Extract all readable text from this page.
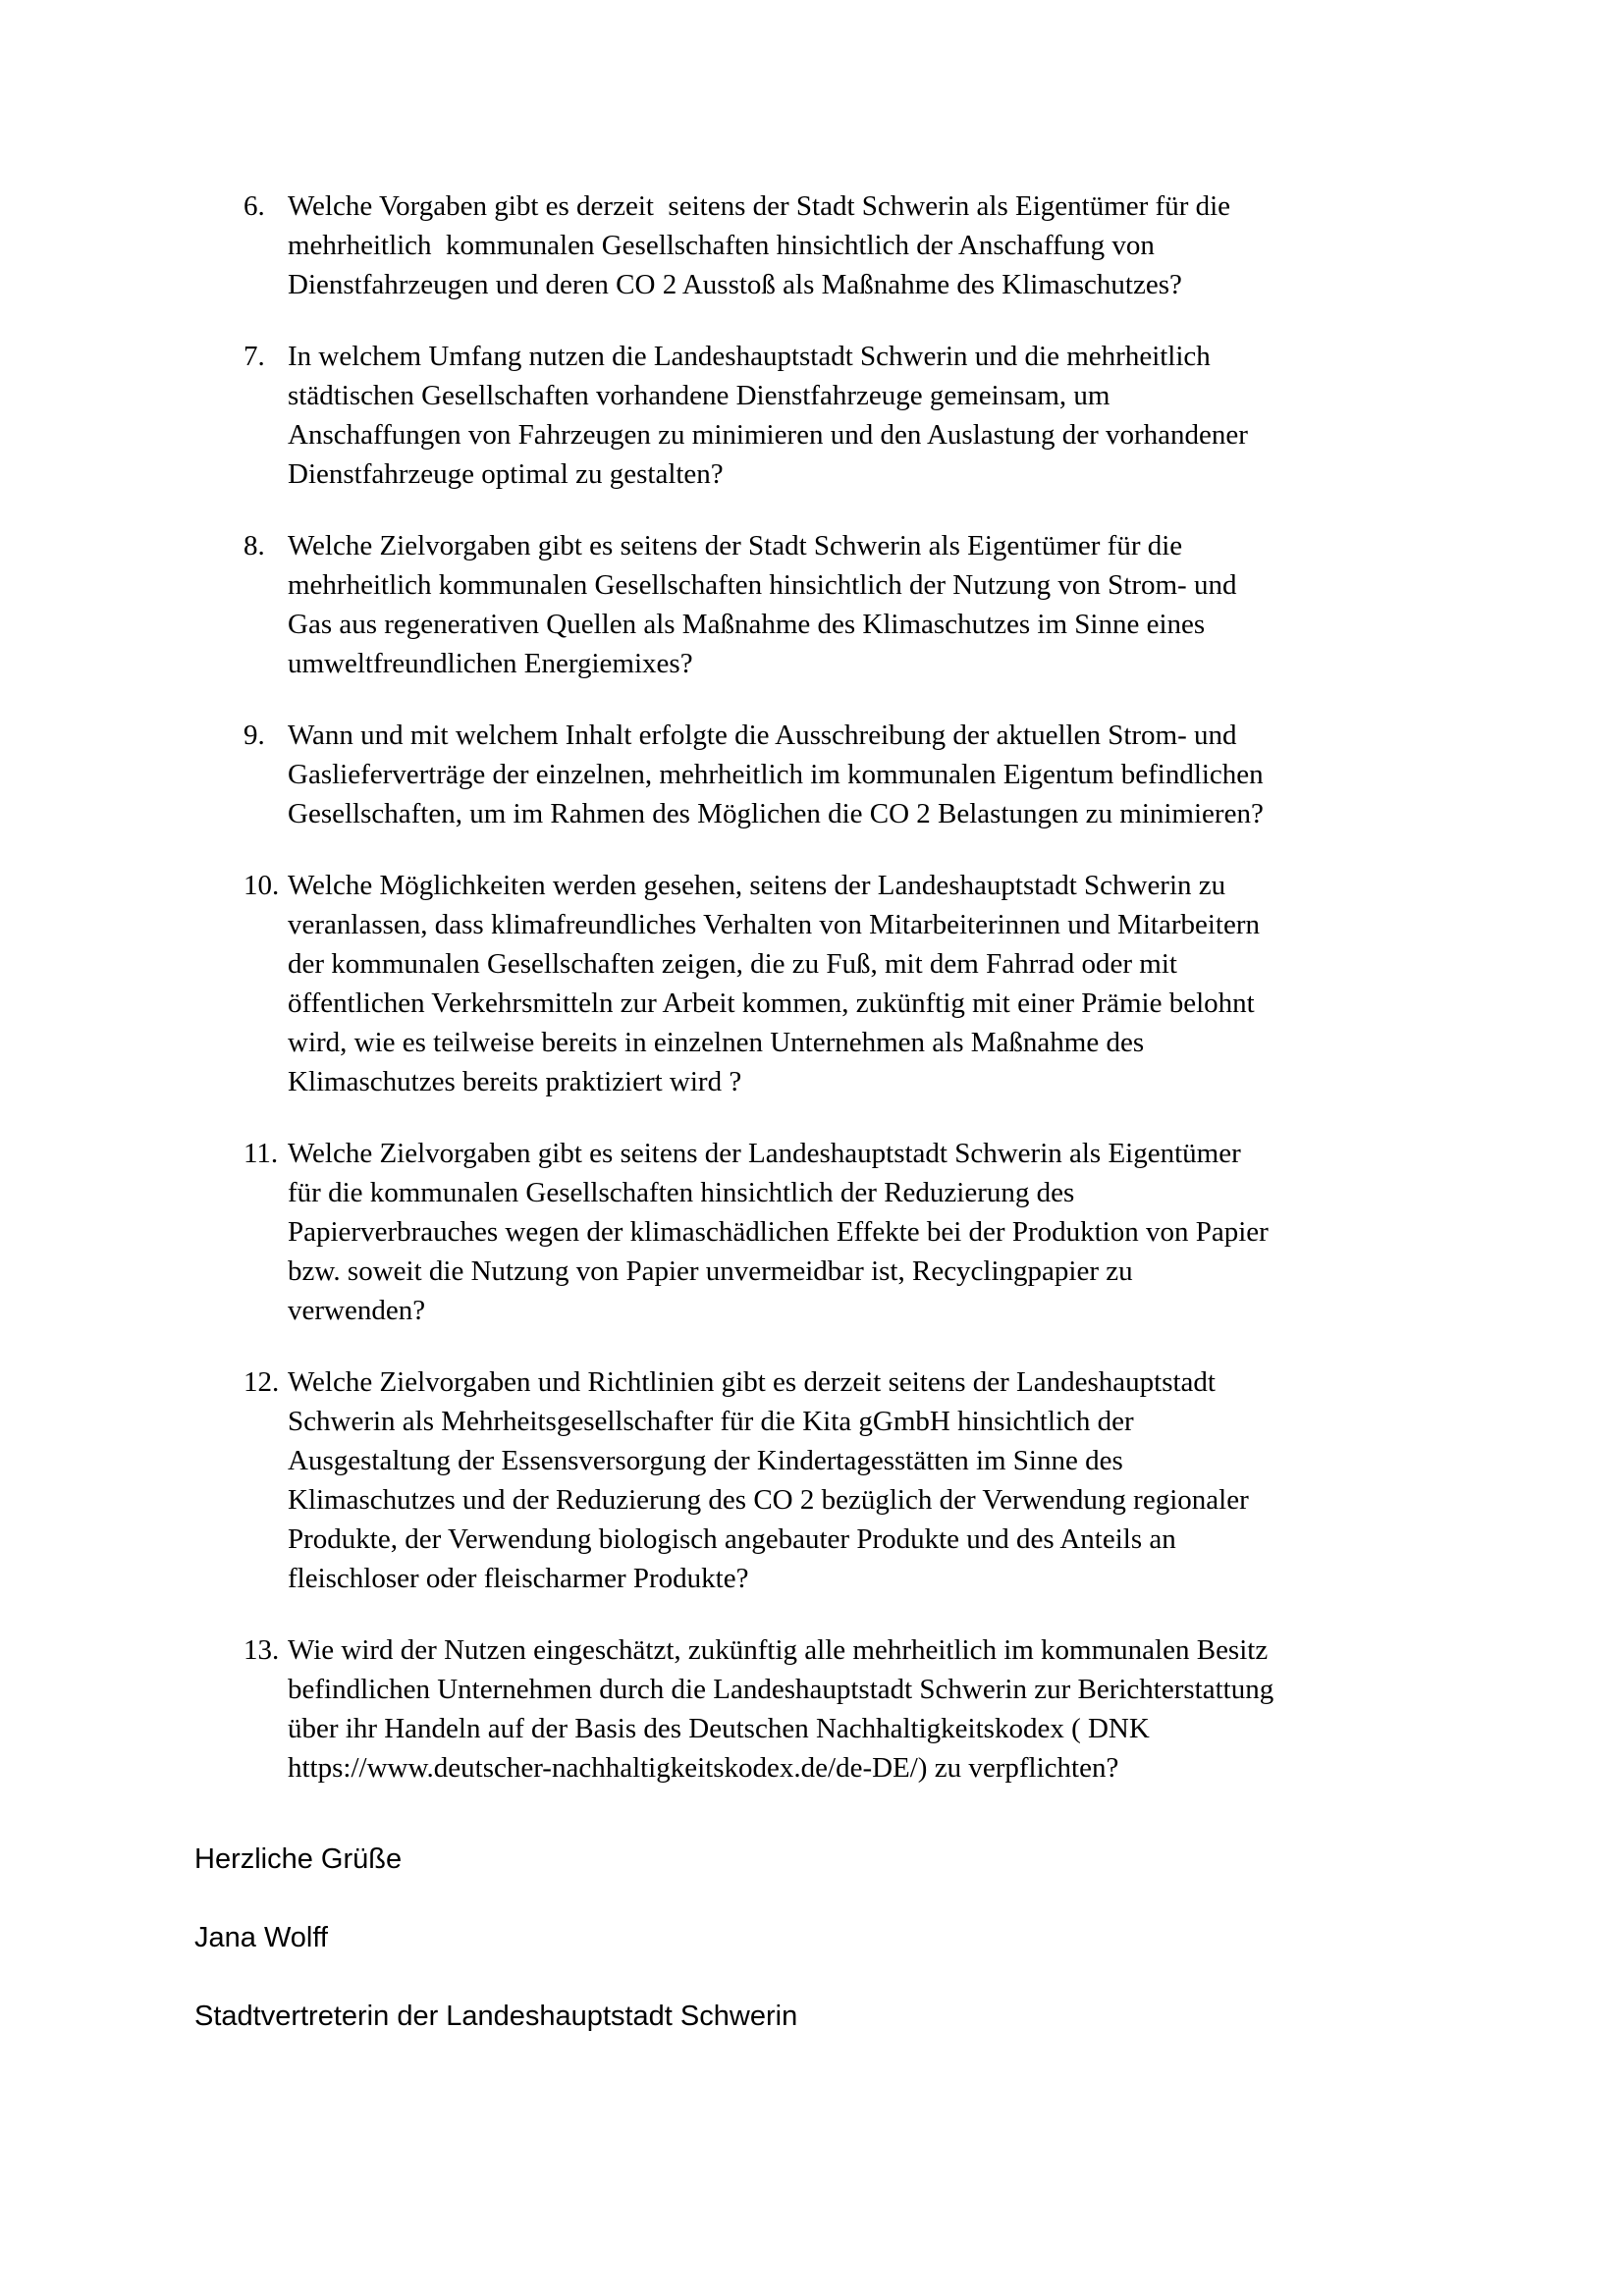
6. Welche Vorgaben gibt es derzeit  seitens der Stadt Schwerin als Eigentümer für die
mehrheitlich  kommunalen Gesellschaften hinsichtlich der Anschaffung von
Dienstfahrzeugen und deren CO 2 Ausstoß als Maßnahme des Klimaschutzes?
7. In welchem Umfang nutzen die Landeshauptstadt Schwerin und die mehrheitlich
städtischen Gesellschaften vorhandene Dienstfahrzeuge gemeinsam, um
Anschaffungen von Fahrzeugen zu minimieren und den Auslastung der vorhandener
Dienstfahrzeuge optimal zu gestalten?
8. Welche Zielvorgaben gibt es seitens der Stadt Schwerin als Eigentümer für die
mehrheitlich kommunalen Gesellschaften hinsichtlich der Nutzung von Strom- und
Gas aus regenerativen Quellen als Maßnahme des Klimaschutzes im Sinne eines
umweltfreundlichen Energiemixes?
9. Wann und mit welchem Inhalt erfolgte die Ausschreibung der aktuellen Strom- und
Gaslieferverträge der einzelnen, mehrheitlich im kommunalen Eigentum befindlichen
Gesellschaften, um im Rahmen des Möglichen die CO 2 Belastungen zu minimieren?
10. Welche Möglichkeiten werden gesehen, seitens der Landeshauptstadt Schwerin zu
veranlassen, dass klimafreundliches Verhalten von Mitarbeiterinnen und Mitarbeitern
der kommunalen Gesellschaften zeigen, die zu Fuß, mit dem Fahrrad oder mit
öffentlichen Verkehrsmitteln zur Arbeit kommen, zukünftig mit einer Prämie belohnt
wird, wie es teilweise bereits in einzelnen Unternehmen als Maßnahme des
Klimaschutzes bereits praktiziert wird ?
11. Welche Zielvorgaben gibt es seitens der Landeshauptstadt Schwerin als Eigentümer
für die kommunalen Gesellschaften hinsichtlich der Reduzierung des
Papierverbrauches wegen der klimaschädlichen Effekte bei der Produktion von Papier
bzw. soweit die Nutzung von Papier unvermeidbar ist, Recyclingpapier zu
verwenden?
12. Welche Zielvorgaben und Richtlinien gibt es derzeit seitens der Landeshauptstadt
Schwerin als Mehrheitsgesellschafter für die Kita gGmbH hinsichtlich der
Ausgestaltung der Essensversorgung der Kindertagesstätten im Sinne des
Klimaschutzes und der Reduzierung des CO 2 bezüglich der Verwendung regionaler
Produkte, der Verwendung biologisch angebauter Produkte und des Anteils an
fleischloser oder fleischarmer Produkte?
13. Wie wird der Nutzen eingeschätzt, zukünftig alle mehrheitlich im kommunalen Besitz
befindlichen Unternehmen durch die Landeshauptstadt Schwerin zur Berichterstattung
über ihr Handeln auf der Basis des Deutschen Nachhaltigkeitskodex ( DNK
https://www.deutscher-nachhaltigkeitskodex.de/de-DE/) zu verpflichten?
Herzliche Grüße
Jana Wolff
Stadtvertreterin der Landeshauptstadt Schwerin
